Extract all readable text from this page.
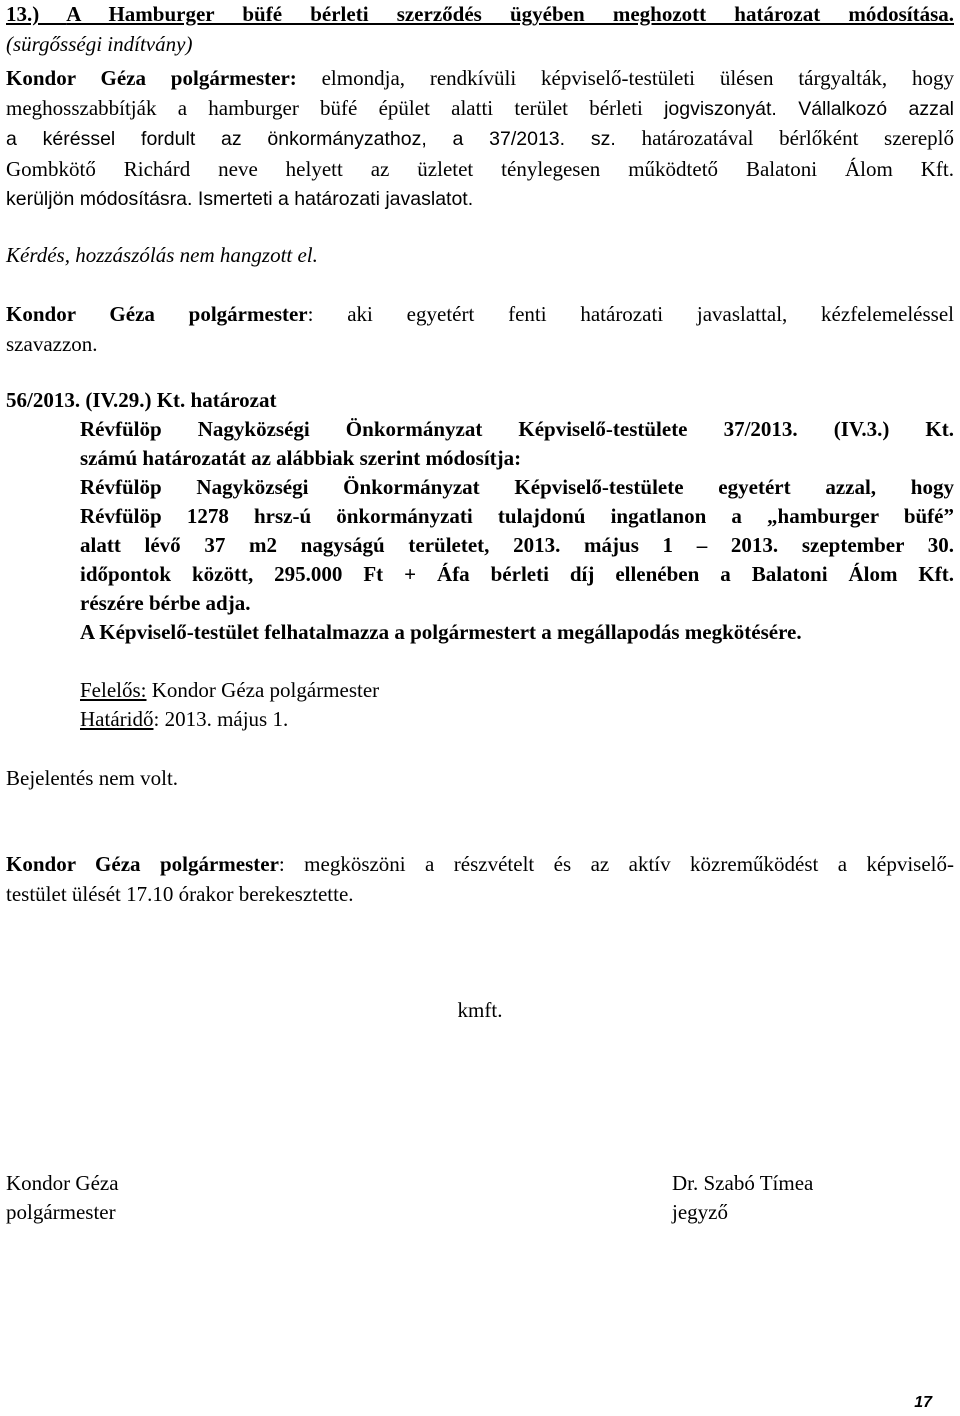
13.) A Hamburger büfé bérleti szerződés ügyében meghozott határozat módosítása.

(sürgősségi indítvány)

Kondor Géza polgármester: elmondja, rendkívüli képviselő-testületi ülésen tárgyalták, hogy

meghosszabbítják a hamburger büfé épület alatti terület bérleti jogviszonyát. Vállalkozó azzal

a kéréssel fordult az önkormányzathoz, a 37/2013. sz. határozatával bérlőként szereplő

Gombkötő Richárd neve helyett az üzletet ténylegesen működtető Balatoni Álom Kft.

kerüljön módosításra. Ismerteti a határozati javaslatot.

Kérdés, hozzászólás nem hangzott el.

Kondor Géza polgármester: aki egyetért fenti határozati javaslattal, kézfelemeléssel

szavazzon.

56/2013. (IV.29.) Kt. határozat

Révfülöp Nagyközségi Önkormányzat Képviselő-testülete 37/2013. (IV.3.) Kt.

számú határozatát az alábbiak szerint módosítja:

Révfülöp Nagyközségi Önkormányzat Képviselő-testülete egyetért azzal, hogy

Révfülöp 1278 hrsz-ú önkormányzati tulajdonú ingatlanon a „hamburger büfé”

alatt lévő 37 m2 nagyságú területet, 2013. május 1 – 2013. szeptember 30.

időpontok között, 295.000 Ft + Áfa bérleti díj ellenében a Balatoni Álom Kft.

részére bérbe adja.

A Képviselő-testület felhatalmazza a polgármestert a megállapodás megkötésére.

Felelős: Kondor Géza polgármester
Határidő: 2013. május 1.
Bejelentés nem volt.

Kondor Géza polgármester: megköszöni a részvételt és az aktív közreműködést a képviselő-

testület ülését 17.10 órakor berekesztette.

kmft.
Kondor Géza
polgármester
Dr. Szabó Tímea
jegyző
17
